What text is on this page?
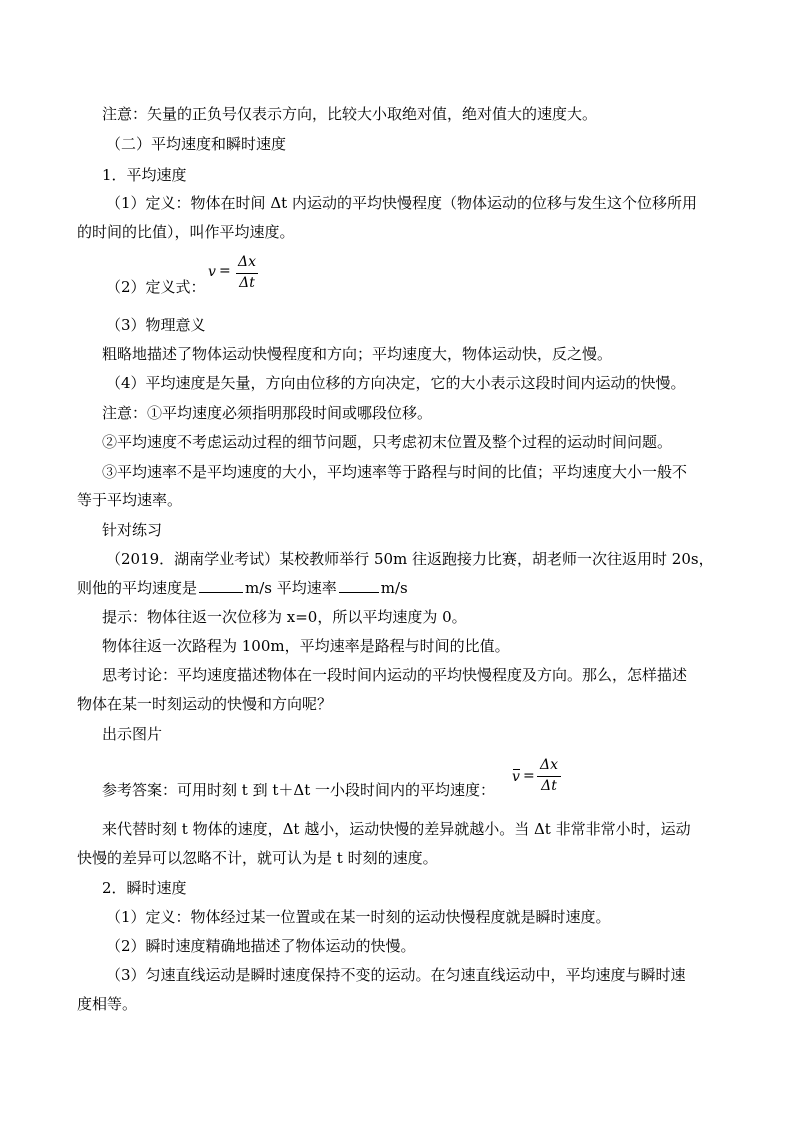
注意：矢量的正负号仅表示方向，比较大小取绝对值，绝对值大的速度大。
（二）平均速度和瞬时速度
1．平均速度
（1）定义：物体在时间 Δt 内运动的平均快慢程度（物体运动的位移与发生这个位移所用
的时间的比值），叫作平均速度。
（2）定义式：
v =
Δx
Δt
（3）物理意义
粗略地描述了物体运动快慢程度和方向；平均速度大，物体运动快，反之慢。
（4）平均速度是矢量，方向由位移的方向决定，它的大小表示这段时间内运动的快慢。
注意：①平均速度必须指明那段时间或哪段位移。
②平均速度不考虑运动过程的细节问题，只考虑初末位置及整个过程的运动时间问题。
③平均速率不是平均速度的大小，平均速率等于路程与时间的比值；平均速度大小一般不
等于平均速率。
针对练习
（2019．湖南学业考试）某校教师举行 50m 往返跑接力比赛，胡老师一次往返用时 20s，
则他的平均速度是	m/s 平均速率	m/s
提示：物体往返一次位移为 x=0，所以平均速度为 0。
物体往返一次路程为 100m，平均速率是路程与时间的比值。
思考讨论：平均速度描述物体在一段时间内运动的平均快慢程度及方向。那么，怎样描述
物体在某一时刻运动的快慢和方向呢？
出示图片
参考答案：可用时刻 t 到 t＋Δt 一小段时间内的平均速度：
v =
Δx
Δt
来代替时刻 t 物体的速度，Δt 越小，运动快慢的差异就越小。当 Δt 非常非常小时，运动
快慢的差异可以忽略不计，就可认为是 t 时刻的速度。
2．瞬时速度
（1）定义：物体经过某一位置或在某一时刻的运动快慢程度就是瞬时速度。
（2）瞬时速度精确地描述了物体运动的快慢。
（3）匀速直线运动是瞬时速度保持不变的运动。在匀速直线运动中，平均速度与瞬时速
度相等。
